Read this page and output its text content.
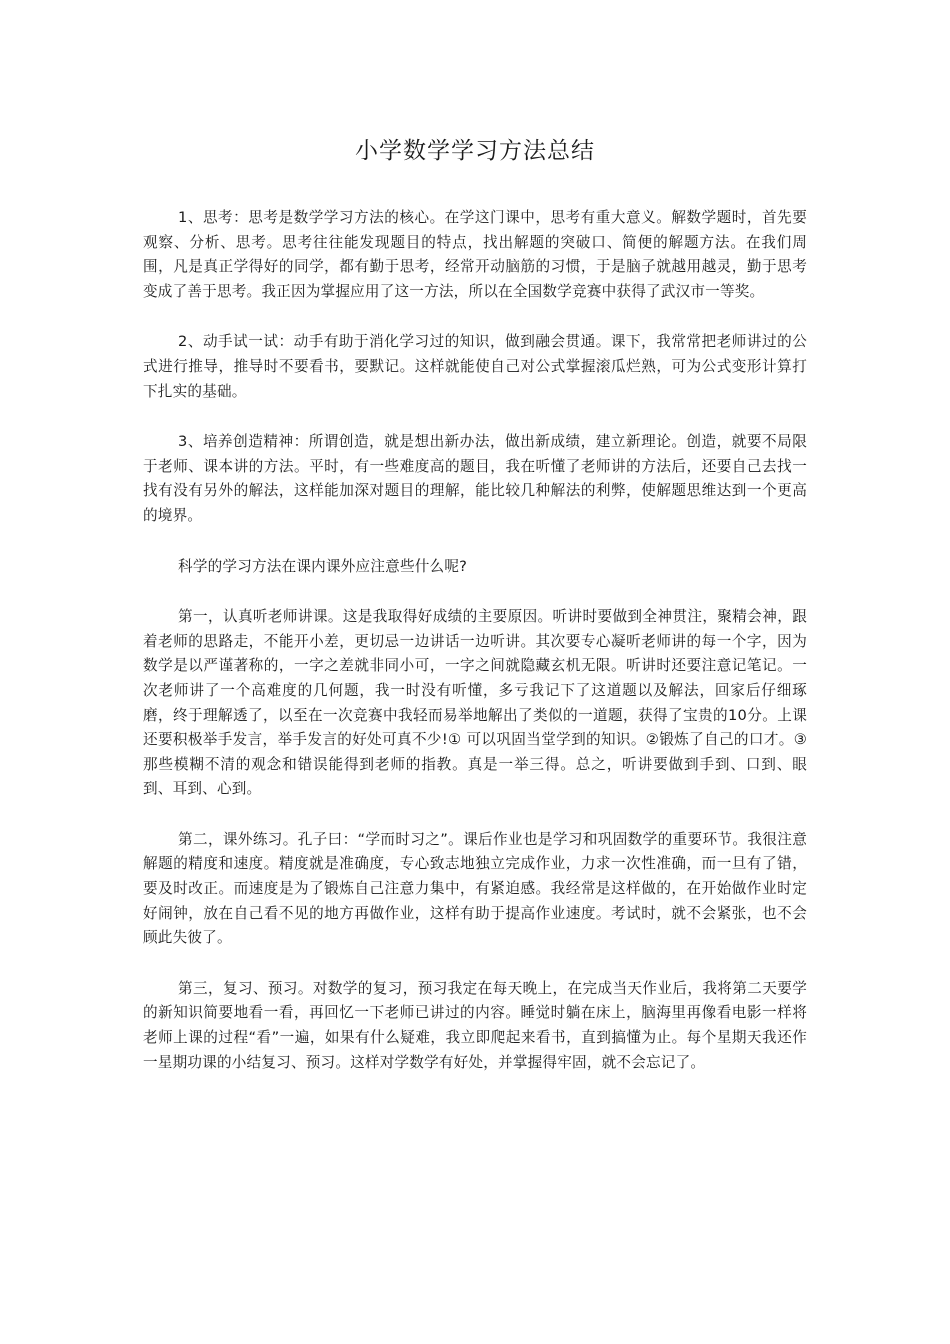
小学数学学习方法总结

1、思考：思考是数学学习方法的核心。在学这门课中，思考有重大意义。解数学题时，首先要观察、分析、思考。思考往往能发现题目的特点，找出解题的突破口、简便的解题方法。在我们周围，凡是真正学得好的同学，都有勤于思考，经常开动脑筋的习惯，于是脑子就越用越灵，勤于思考变成了善于思考。我正因为掌握应用了这一方法，所以在全国数学竞赛中获得了武汉市一等奖。

2、动手试一试：动手有助于消化学习过的知识，做到融会贯通。课下，我常常把老师讲过的公式进行推导，推导时不要看书，要默记。这样就能使自己对公式掌握滚瓜烂熟，可为公式变形计算打下扎实的基础。

3、培养创造精神：所谓创造，就是想出新办法，做出新成绩，建立新理论。创造，就要不局限于老师、课本讲的方法。平时，有一些难度高的题目，我在听懂了老师讲的方法后，还要自己去找一找有没有另外的解法，这样能加深对题目的理解，能比较几种解法的利弊，使解题思维达到一个更高的境界。

科学的学习方法在课内课外应注意些什么呢?

第一，认真听老师讲课。这是我取得好成绩的主要原因。听讲时要做到全神贯注，聚精会神，跟着老师的思路走，不能开小差，更切忌一边讲话一边听讲。其次要专心凝听老师讲的每一个字，因为数学是以严谨著称的，一字之差就非同小可，一字之间就隐藏玄机无限。听讲时还要注意记笔记。一次老师讲了一个高难度的几何题，我一时没有听懂，多亏我记下了这道题以及解法，回家后仔细琢磨，终于理解透了，以至在一次竞赛中我轻而易举地解出了类似的一道题，获得了宝贵的10分。上课还要积极举手发言，举手发言的好处可真不少!① 可以巩固当堂学到的知识。②锻炼了自己的口才。③那些模糊不清的观念和错误能得到老师的指教。真是一举三得。总之，听讲要做到手到、口到、眼到、耳到、心到。

第二，课外练习。孔子曰：“学而时习之”。课后作业也是学习和巩固数学的重要环节。我很注意解题的精度和速度。精度就是准确度，专心致志地独立完成作业，力求一次性准确，而一旦有了错，要及时改正。而速度是为了锻炼自己注意力集中，有紧迫感。我经常是这样做的，在开始做作业时定好闹钟，放在自己看不见的地方再做作业，这样有助于提高作业速度。考试时，就不会紧张，也不会顾此失彼了。

第三，复习、预习。对数学的复习，预习我定在每天晚上，在完成当天作业后，我将第二天要学的新知识简要地看一看，再回忆一下老师已讲过的内容。睡觉时躺在床上，脑海里再像看电影一样将老师上课的过程“看”一遍，如果有什么疑难，我立即爬起来看书，直到搞懂为止。每个星期天我还作一星期功课的小结复习、预习。这样对学数学有好处，并掌握得牢固，就不会忘记了。
